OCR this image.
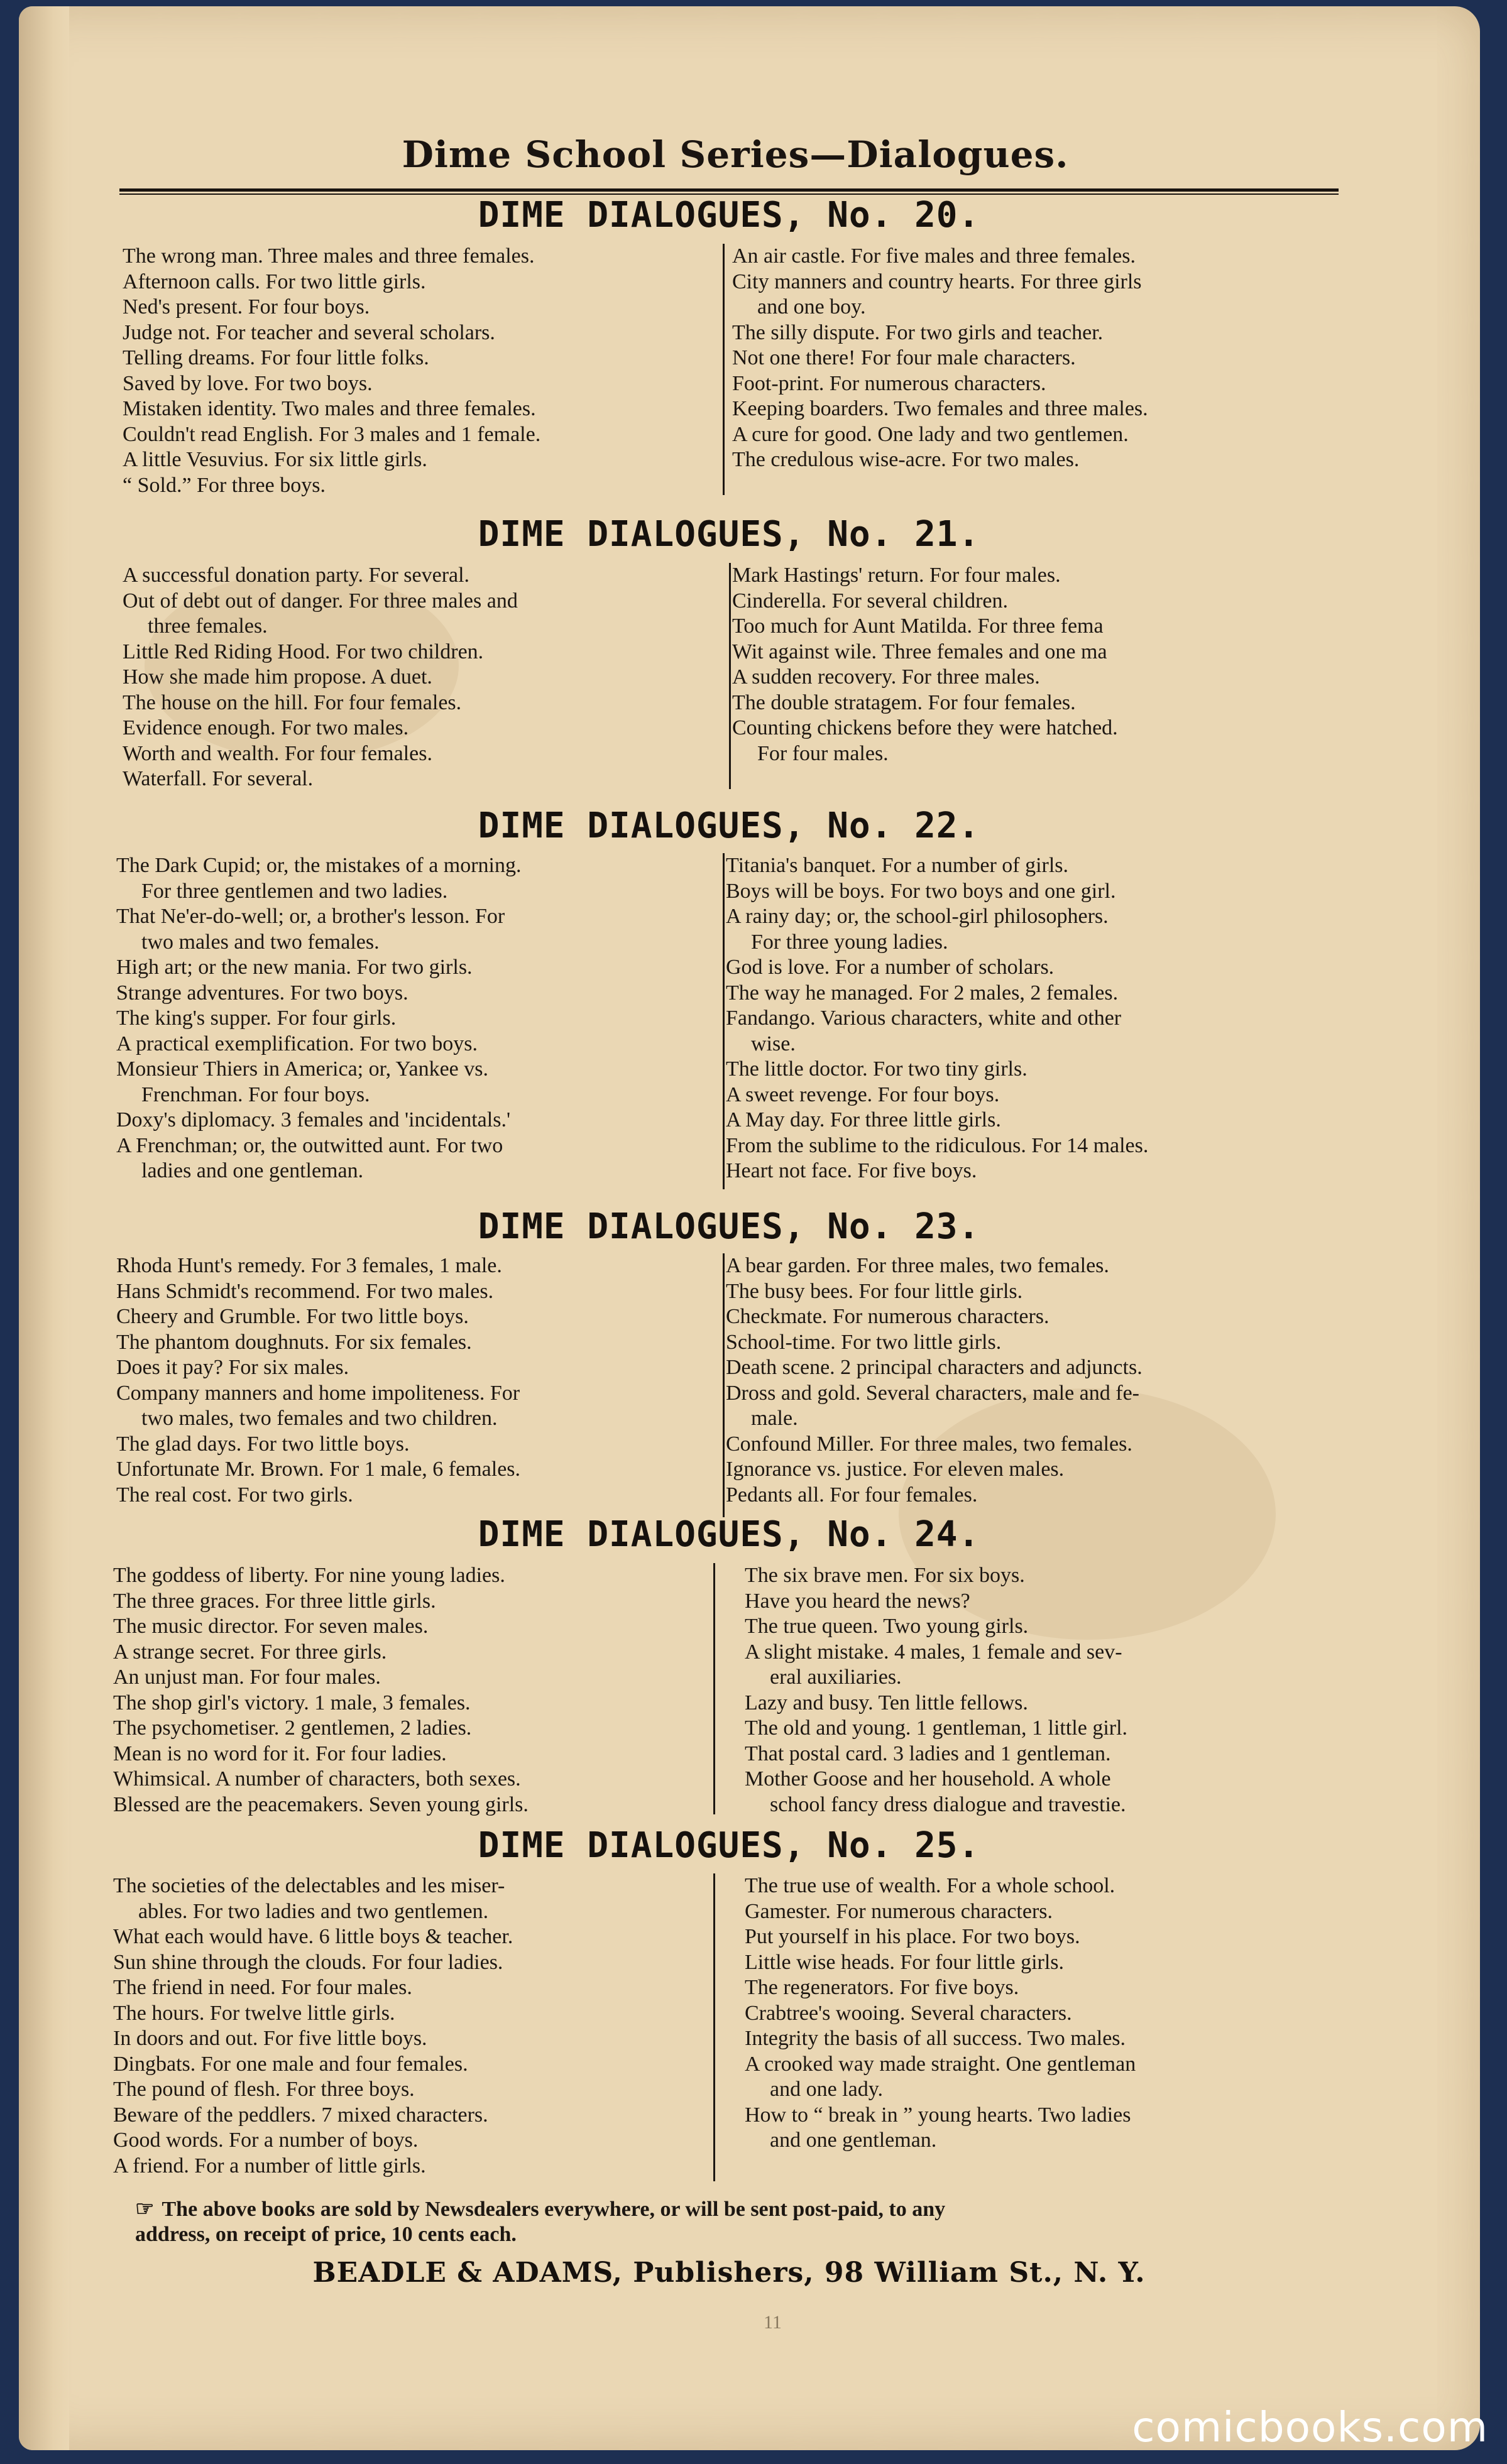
Dime School Series—Dialogues.
DIME DIALOGUES, No. 20.
The wrong man. Three males and three females.
Afternoon calls. For two little girls.
Ned's present. For four boys.
Judge not. For teacher and several scholars.
Telling dreams. For four little folks.
Saved by love. For two boys.
Mistaken identity. Two males and three females.
Couldn't read English. For 3 males and 1 female.
A little Vesuvius. For six little girls.
“ Sold.” For three boys.
An air castle. For five males and three females.
City manners and country hearts. For three girls
and one boy.
The silly dispute. For two girls and teacher.
Not one there! For four male characters.
Foot-print. For numerous characters.
Keeping boarders. Two females and three males.
A cure for good. One lady and two gentlemen.
The credulous wise-acre. For two males.
DIME DIALOGUES, No. 21.
A successful donation party. For several.
Out of debt out of danger. For three males and
three females.
Little Red Riding Hood. For two children.
How she made him propose. A duet.
The house on the hill. For four females.
Evidence enough. For two males.
Worth and wealth. For four females.
Waterfall. For several.
Mark Hastings' return. For four males.
Cinderella. For several children.
Too much for Aunt Matilda. For three fema
Wit against wile. Three females and one ma
A sudden recovery. For three males.
The double stratagem. For four females.
Counting chickens before they were hatched.
For four males.
DIME DIALOGUES, No. 22.
The Dark Cupid; or, the mistakes of a morning.
For three gentlemen and two ladies.
That Ne'er-do-well; or, a brother's lesson. For
two males and two females.
High art; or the new mania. For two girls.
Strange adventures. For two boys.
The king's supper. For four girls.
A practical exemplification. For two boys.
Monsieur Thiers in America; or, Yankee vs.
Frenchman. For four boys.
Doxy's diplomacy. 3 females and 'incidentals.'
A Frenchman; or, the outwitted aunt. For two
ladies and one gentleman.
Titania's banquet. For a number of girls.
Boys will be boys. For two boys and one girl.
A rainy day; or, the school-girl philosophers.
For three young ladies.
God is love. For a number of scholars.
The way he managed. For 2 males, 2 females.
Fandango. Various characters, white and other
wise.
The little doctor. For two tiny girls.
A sweet revenge. For four boys.
A May day. For three little girls.
From the sublime to the ridiculous. For 14 males.
Heart not face. For five boys.
DIME DIALOGUES, No. 23.
Rhoda Hunt's remedy. For 3 females, 1 male.
Hans Schmidt's recommend. For two males.
Cheery and Grumble. For two little boys.
The phantom doughnuts. For six females.
Does it pay? For six males.
Company manners and home impoliteness. For
two males, two females and two children.
The glad days. For two little boys.
Unfortunate Mr. Brown. For 1 male, 6 females.
The real cost. For two girls.
A bear garden. For three males, two females.
The busy bees. For four little girls.
Checkmate. For numerous characters.
School-time. For two little girls.
Death scene. 2 principal characters and adjuncts.
Dross and gold. Several characters, male and fe-
male.
Confound Miller. For three males, two females.
Ignorance vs. justice. For eleven males.
Pedants all. For four females.
DIME DIALOGUES, No. 24.
The goddess of liberty. For nine young ladies.
The three graces. For three little girls.
The music director. For seven males.
A strange secret. For three girls.
An unjust man. For four males.
The shop girl's victory. 1 male, 3 females.
The psychometiser. 2 gentlemen, 2 ladies.
Mean is no word for it. For four ladies.
Whimsical. A number of characters, both sexes.
Blessed are the peacemakers. Seven young girls.
The six brave men. For six boys.
Have you heard the news?
The true queen. Two young girls.
A slight mistake. 4 males, 1 female and sev-
eral auxiliaries.
Lazy and busy. Ten little fellows.
The old and young. 1 gentleman, 1 little girl.
That postal card. 3 ladies and 1 gentleman.
Mother Goose and her household. A whole
school fancy dress dialogue and travestie.
DIME DIALOGUES, No. 25.
The societies of the delectables and les miser-
ables. For two ladies and two gentlemen.
What each would have. 6 little boys & teacher.
Sun shine through the clouds. For four ladies.
The friend in need. For four males.
The hours. For twelve little girls.
In doors and out. For five little boys.
Dingbats. For one male and four females.
The pound of flesh. For three boys.
Beware of the peddlers. 7 mixed characters.
Good words. For a number of boys.
A friend. For a number of little girls.
The true use of wealth. For a whole school.
Gamester. For numerous characters.
Put yourself in his place. For two boys.
Little wise heads. For four little girls.
The regenerators. For five boys.
Crabtree's wooing. Several characters.
Integrity the basis of all success. Two males.
A crooked way made straight. One gentleman
and one lady.
How to “ break in ” young hearts. Two ladies
and one gentleman.
☞ The above books are sold by Newsdealers everywhere, or will be sent post-paid, to any
address, on receipt of price, 10 cents each.
BEADLE & ADAMS, Publishers, 98 William St., N. Y.
11
comicbooks.com
